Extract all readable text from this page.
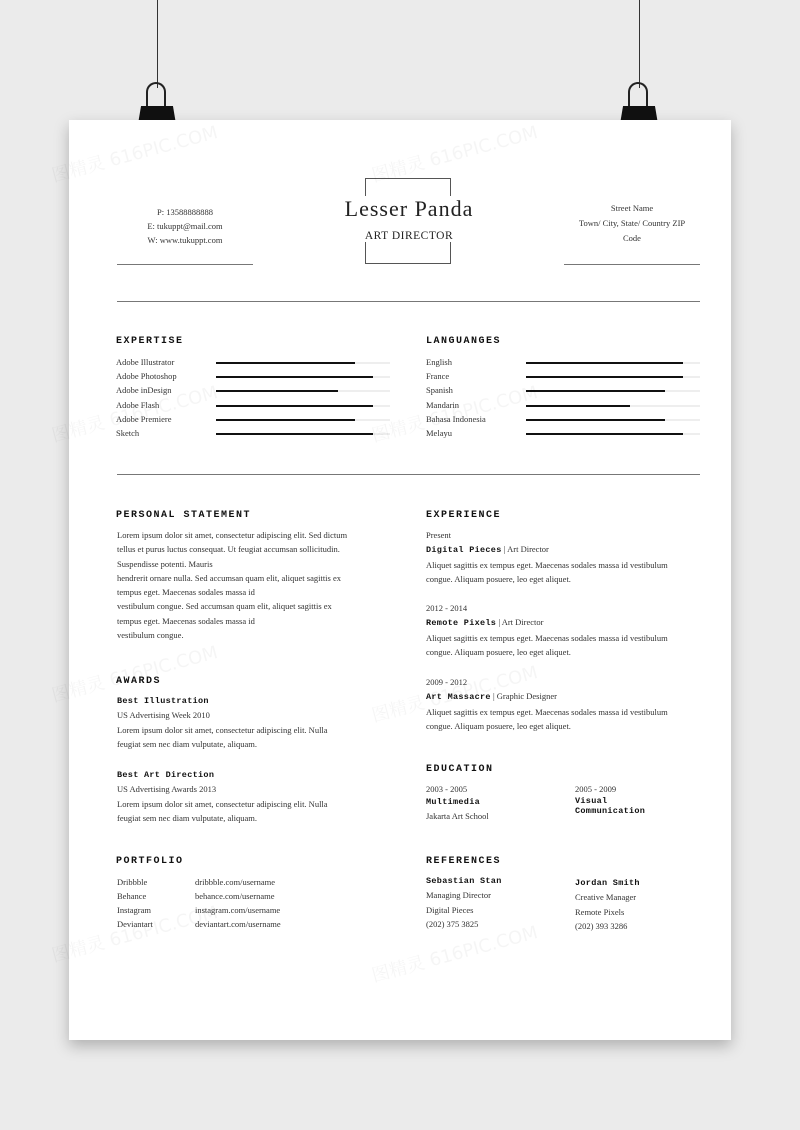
P: 13588888888
E: tukuppt@mail.com
W: www.tukuppt.com
Lesser Panda
ART DIRECTOR
Street Name
Town/ City, State/ Country ZIP
Code
EXPERTISE
Adobe Illustrator
Adobe Photoshop
Adobe inDesign
Adobe Flash
Adobe Premiere
Sketch
LANGUANGES
English
France
Spanish
Mandarin
Bahasa Indonesia
Melayu
PERSONAL STATEMENT
Lorem ipsum dolor sit amet, consectetur adipiscing elit. Sed dictum
tellus et purus luctus consequat. Ut feugiat accumsan sollicitudin.
Suspendisse potenti. Mauris
hendrerit ornare nulla. Sed accumsan quam elit, aliquet sagittis ex
tempus eget. Maecenas sodales massa id
vestibulum congue. Sed accumsan quam elit, aliquet sagittis ex
tempus eget. Maecenas sodales massa id
vestibulum congue.
AWARDS
Best Illustration
US Advertising Week 2010
Lorem ipsum dolor sit amet, consectetur adipiscing elit. Nulla
feugiat sem nec diam vulputate, aliquam.
Best Art Direction
US Advertising Awards 2013
Lorem ipsum dolor sit amet, consectetur adipiscing elit. Nulla
feugiat sem nec diam vulputate, aliquam.
PORTFOLIO
Dribbble	dribbble.com/username
Behance	behance.com/username
Instagram	instagram.com/username
Deviantart	deviantart.com/username
EXPERIENCE
Present
Digital Pieces | Art Director
Aliquet sagittis ex tempus eget. Maecenas sodales massa id vestibulum
congue. Aliquam posuere, leo eget aliquet.
2012 - 2014
Remote Pixels | Art Director
Aliquet sagittis ex tempus eget. Maecenas sodales massa id vestibulum
congue. Aliquam posuere, leo eget aliquet.
2009 - 2012
Art Massacre | Graphic Designer
Aliquet sagittis ex tempus eget. Maecenas sodales massa id vestibulum
congue. Aliquam posuere, leo eget aliquet.
EDUCATION
2003 - 2005
Multimedia
Jakarta Art School
2005 - 2009
Visual
Communication
REFERENCES
Sebastian Stan
Managing Director
Digital Pieces
(202) 375 3825
Jordan Smith
Creative Manager
Remote Pixels
(202) 393 3286
